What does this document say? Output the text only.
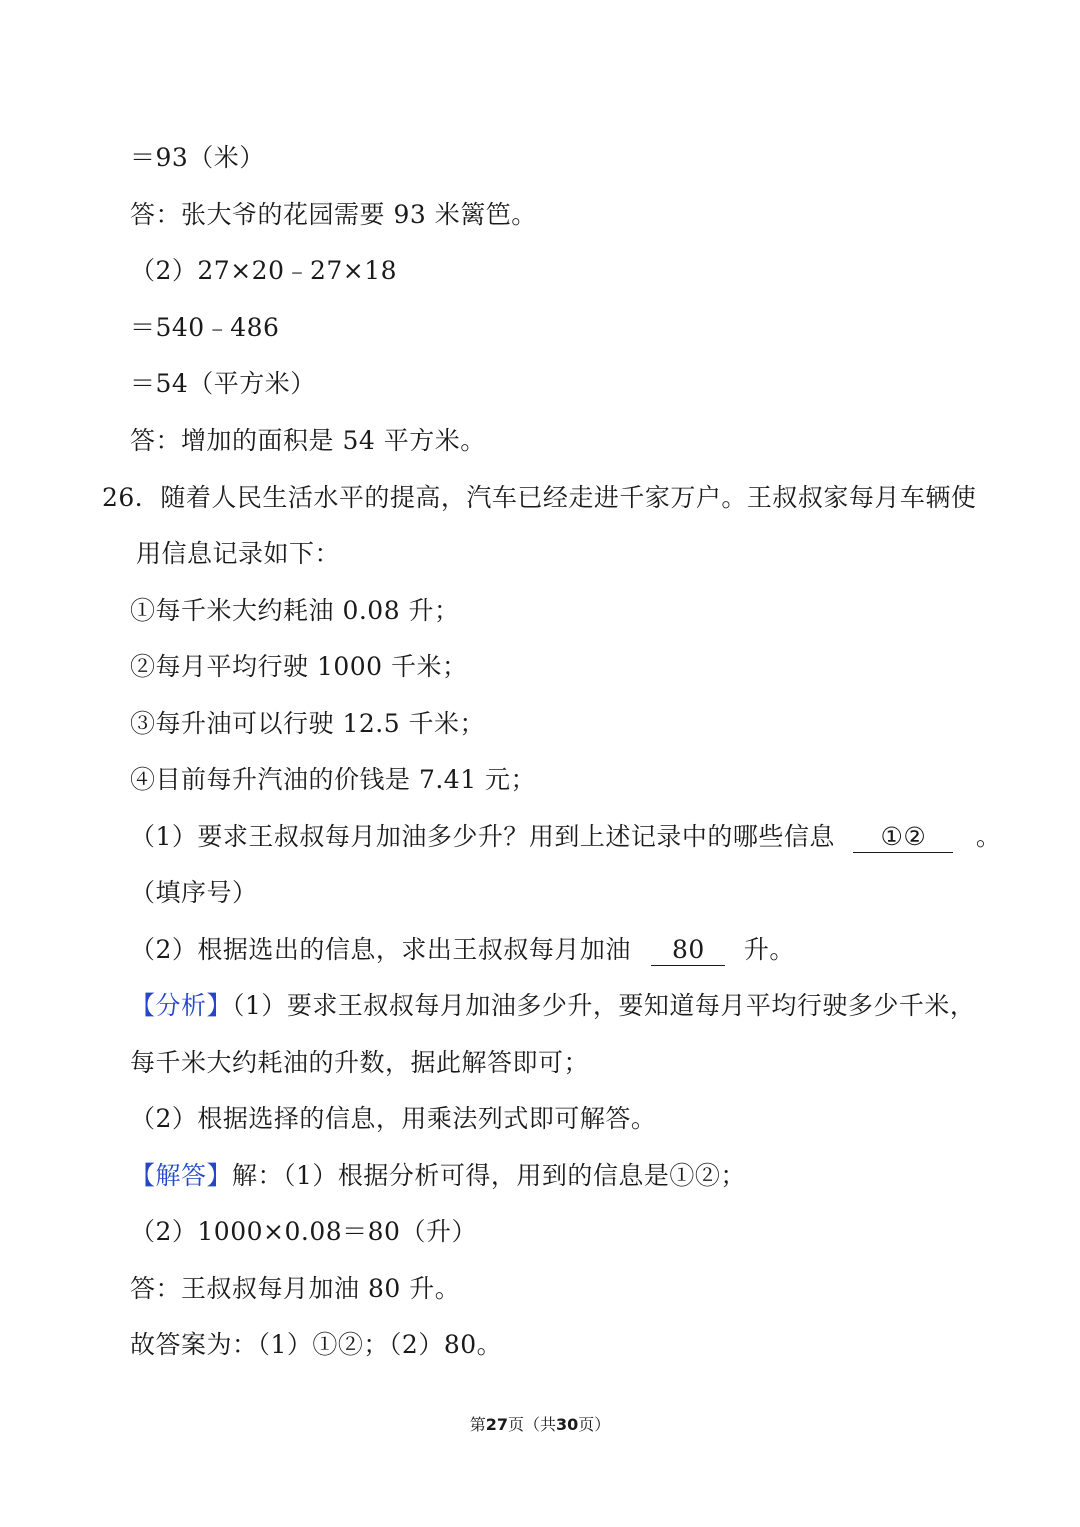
＝93（米）
答：张大爷的花园需要 93 米篱笆。
（2）27×20﹣27×18
＝540﹣486
＝54（平方米）
答：增加的面积是 54 平方米。
26．随着人民生活水平的提高，汽车已经走进千家万户。王叔叔家每月车辆使
用信息记录如下：
①每千米大约耗油 0.08 升；
②每月平均行驶 1000 千米；
③每升油可以行驶 12.5 千米；
④目前每升汽油的价钱是 7.41 元；
（1）要求王叔叔每月加油多少升？用到上述记录中的哪些信息 ①② 。
（填序号）
（2）根据选出的信息，求出王叔叔每月加油 80 升。
【分析】（1）要求王叔叔每月加油多少升，要知道每月平均行驶多少千米，
每千米大约耗油的升数，据此解答即可；
（2）根据选择的信息，用乘法列式即可解答。
【解答】解：（1）根据分析可得，用到的信息是①②；
（2）1000×0.08＝80（升）
答：王叔叔每月加油 80 升。
故答案为：（1）①②；（2）80。
第27页（共30页）
